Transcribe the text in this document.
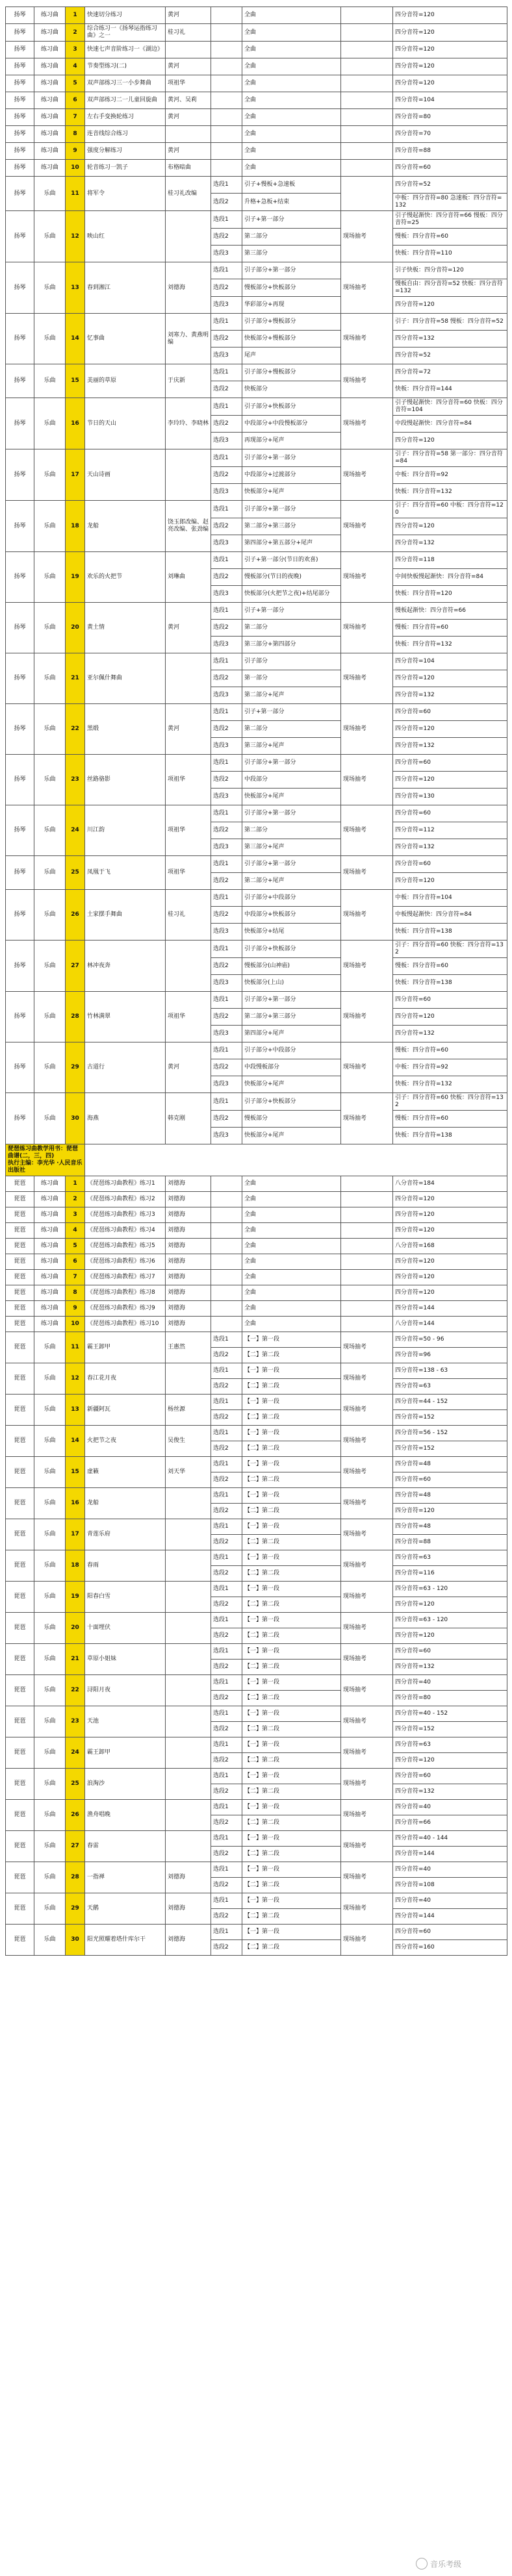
扬琴	练习曲	1	快速切分练习	黄河		全曲		四分音符=120
扬琴	练习曲	2	综合练习一《扬琴运指练习曲》之一	桂习礼		全曲		四分音符=120
扬琴	练习曲	3	快速七声音阶练习一《湖边》			全曲		四分音符=120
扬琴	练习曲	4	节奏型练习(二)	黄河		全曲		四分音符=120
扬琴	练习曲	5	双声部练习三一小步舞曲	项祖华		全曲		四分音符=120
扬琴	练习曲	6	双声部练习二一儿童回旋曲	黄河、吴莉		全曲		四分音符=104
扬琴	练习曲	7	左右手变换轮练习	黄河		全曲		四分音符=80
扬琴	练习曲	8	连音线综合练习			全曲		四分音符=70
扬琴	练习曲	9	强度分解练习	黄河		全曲		四分音符=88
扬琴	练习曲	10	轮音练习一凯子	布格暗曲		全曲		四分音符=60
扬琴	乐曲	11	将军令	桂习礼改编	选段1	引子+慢板+急速板		四分音符=52
					选段2	升格+急板+结束		中板：四分音符=80 急速板：四分音符=132
扬琴	乐曲	12	映山红		选段1	引子+第一部分	现场抽考	引子慢起渐快：四分音符=66 慢板：四分音符=25
					选段2	第二部分		慢板：四分音符=60
					选段3	第三部分		快板：四分音符=110
扬琴	乐曲	13	春到湘江	刘德海	选段1	引子部分+第一部分	现场抽考	引子快板：四分音符=120
					选段2	慢板部分+快板部分		慢板自由：四分音符=52 快板：四分音符=132
					选段3	华彩部分+再现		四分音符=120
扬琴	乐曲	14	忆事曲	刘寒力、黄燕明编	选段1	引子部分+慢板部分	现场抽考	引子：四分音符=58 慢板：四分音符=52
					选段2	快板部分+慢板部分		四分音符=132
					选段3	尾声		四分音符=52
扬琴	乐曲	15	美丽的草原	于庆新	选段1	引子部分+慢板部分	现场抽考	四分音符=72
					选段2	快板部分		快板：四分音符=144
扬琴	乐曲	16	节日的天山	李玲玲、李晓林	选段1	引子部分+快板部分	现场抽考	引子慢起渐快：四分音符=60 快板：四分音符=104
					选段2	中段部分+中段慢板部分		中段慢起渐快：四分音符=84
					选段3	再现部分+尾声		四分音符=120
扬琴	乐曲	17	天山诗画		选段1	引子部分+第一部分	现场抽考	引子：四分音符=58 第一部分：四分音符=84
					选段2	中段部分+过渡部分		中板：四分音符=92
					选段3	快板部分+尾声		快板：四分音符=132
扬琴	乐曲	18	龙船	饶玉郎改编、赵亮改编、张劲编	选段1	引子部分+第一部分	现场抽考	引子：四分音符=60 中板：四分音符=120
					选段2	第二部分+第三部分		四分音符=120
					选段3	第四部分+第五部分+尾声		四分音符=132
扬琴	乐曲	19	欢乐的火把节	刘琳曲	选段1	引子+第一部分(节日的欢喜)	现场抽考	四分音符=118
					选段2	慢板部分(节日的夜晚)		中间快板慢起渐快：四分音符=84
					选段3	快板部分(火把节之夜)+结尾部分		快板：四分音符=120
扬琴	乐曲	20	黄土情	黄河	选段1	引子+第一部分	现场抽考	慢板起渐快：四分音符=66
					选段2	第二部分		慢板：四分音符=60
					选段3	第三部分+第四部分		快板：四分音符=132
扬琴	乐曲	21	亚尔佩什舞曲		选段1	引子部分	现场抽考	四分音符=104
					选段2	第一部分		四分音符=120
					选段3	第二部分+尾声		四分音符=132
扬琴	乐曲	22	黑缎	黄河	选段1	引子+第一部分	现场抽考	四分音符=60
					选段2	第二部分		四分音符=120
					选段3	第三部分+尾声		四分音符=132
扬琴	乐曲	23	丝路骆影	项祖华	选段1	引子部分+第一部分	现场抽考	四分音符=60
					选段2	中段部分		四分音符=120
					选段3	快板部分+尾声		四分音符=130
扬琴	乐曲	24	川江韵	项祖华	选段1	引子部分+第一部分	现场抽考	四分音符=60
					选段2	第二部分		四分音符=112
					选段3	第三部分+尾声		四分音符=132
扬琴	乐曲	25	凤凰于飞	项祖华	选段1	引子部分+第一部分	现场抽考	四分音符=60
					选段2	第二部分+尾声		四分音符=120
扬琴	乐曲	26	土家摆手舞曲	桂习礼	选段1	引子部分+中段部分	现场抽考	中板：四分音符=104
					选段2	中段部分+快板部分		中板慢起渐快：四分音符=84
					选段3	快板部分+结尾		快板：四分音符=138
扬琴	乐曲	27	林冲夜奔		选段1	引子部分+快板部分	现场抽考	引子：四分音符=60 快板：四分音符=132
					选段2	慢板部分(山神庙)		慢板：四分音符=60
					选段3	快板部分(上山)		快板：四分音符=138
扬琴	乐曲	28	竹林满翠	项祖华	选段1	引子部分+第一部分	现场抽考	四分音符=60
					选段2	第二部分+第三部分		四分音符=120
					选段3	第四部分+尾声		四分音符=132
扬琴	乐曲	29	古道行	黄河	选段1	引子部分+中段部分	现场抽考	慢板：四分音符=60
					选段2	中段慢板部分		中板：四分音符=92
					选段3	快板部分+尾声		快板：四分音符=132
扬琴	乐曲	30	海燕	韩克刚	选段1	引子部分+快板部分	现场抽考	引子：四分音符=60 快板：四分音符=132
					选段2	慢板部分		慢板：四分音符=60
					选段3	快板部分+尾声		快板：四分音符=138

琵琶练习曲教学用书：琵琶曲谱(二，三，四)
执行主编：李光华 ·人民音乐出版社								

琵琶	练习曲	1	《琵琶练习曲教程》练习1	刘德海		全曲		八分音符=184
琵琶	练习曲	2	《琵琶练习曲教程》练习2	刘德海		全曲		四分音符=120
琵琶	练习曲	3	《琵琶练习曲教程》练习3	刘德海		全曲		四分音符=120
琵琶	练习曲	4	《琵琶练习曲教程》练习4	刘德海		全曲		四分音符=120
琵琶	练习曲	5	《琵琶练习曲教程》练习5	刘德海		全曲		八分音符=168
琵琶	练习曲	6	《琵琶练习曲教程》练习6	刘德海		全曲		四分音符=120
琵琶	练习曲	7	《琵琶练习曲教程》练习7	刘德海		全曲		四分音符=120
琵琶	练习曲	8	《琵琶练习曲教程》练习8	刘德海		全曲		四分音符=120
琵琶	练习曲	9	《琵琶练习曲教程》练习9	刘德海		全曲		四分音符=144
琵琶	练习曲	10	《琵琶练习曲教程》练习10	刘德海		全曲		八分音符=144
琵琶	乐曲	11	霸王卸甲	王惠然	选段1	【一】第一段	现场抽考	四分音符=50 - 96
					选段2	【二】第二段		四分音符=96
琵琶	乐曲	12	春江花月夜		选段1	【一】第一段	现场抽考	四分音符=138 - 63
					选段2	【二】第二段		四分音符=63
琵琶	乐曲	13	新疆阿瓦	杨丝源	选段1	【一】第一段	现场抽考	四分音符=44 - 152
					选段2	【二】第二段		四分音符=152
琵琶	乐曲	14	火把节之夜	吴俊生	选段1	【一】第一段	现场抽考	四分音符=56 - 152
					选段2	【二】第二段		四分音符=152
琵琶	乐曲	15	虚籁	刘天华	选段1	【一】第一段	现场抽考	四分音符=48
					选段2	【二】第二段		四分音符=60
琵琶	乐曲	16	龙船		选段1	【一】第一段	现场抽考	四分音符=48
					选段2	【二】第二段		四分音符=120
琵琶	乐曲	17	青莲乐府		选段1	【一】第一段	现场抽考	四分音符=48
					选段2	【二】第二段		四分音符=88
琵琶	乐曲	18	春雨		选段1	【一】第一段	现场抽考	四分音符=63
					选段2	【二】第二段		四分音符=116
琵琶	乐曲	19	阳春白雪		选段1	【一】第一段	现场抽考	四分音符=63 - 120
					选段2	【二】第二段		四分音符=120
琵琶	乐曲	20	十面埋伏		选段1	【一】第一段	现场抽考	四分音符=63 - 120
					选段2	【二】第二段		四分音符=120
琵琶	乐曲	21	草原小姐妹		选段1	【一】第一段	现场抽考	四分音符=60
					选段2	【二】第二段		四分音符=132
琵琶	乐曲	22	浔阳月夜		选段1	【一】第一段	现场抽考	四分音符=40
					选段2	【二】第二段		四分音符=80
琵琶	乐曲	23	天池		选段1	【一】第一段	现场抽考	四分音符=40 - 152
					选段2	【二】第二段		四分音符=152
琵琶	乐曲	24	霸王卸甲		选段1	【一】第一段	现场抽考	四分音符=63
					选段2	【二】第二段		四分音符=120
琵琶	乐曲	25	浪淘沙		选段1	【一】第一段	现场抽考	四分音符=60
					选段2	【二】第二段		四分音符=132
琵琶	乐曲	26	渔舟唱晚		选段1	【一】第一段	现场抽考	四分音符=40
					选段2	【二】第二段		四分音符=66
琵琶	乐曲	27	春雷		选段1	【一】第一段	现场抽考	四分音符=40 - 144
					选段2	【二】第二段		四分音符=144
琵琶	乐曲	28	一指禅	刘德海	选段1	【一】第一段	现场抽考	四分音符=40
					选段2	【二】第二段		四分音符=108
琵琶	乐曲	29	天鹅	刘德海	选段1	【一】第一段	现场抽考	四分音符=40
					选段2	【二】第二段		四分音符=144
琵琶	乐曲	30	阳光照耀着塔什库尔干	刘德海	选段1	【一】第一段	现场抽考	四分音符=60
					选段2	【二】第二段		四分音符=160
音乐考级
